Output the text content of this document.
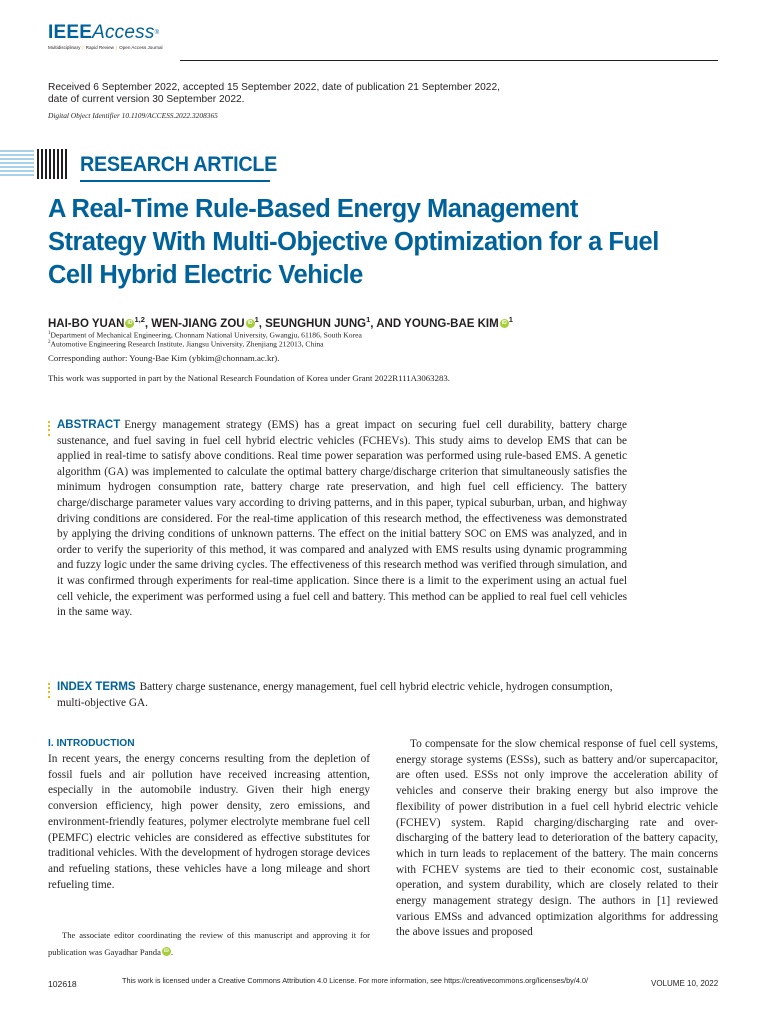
IEEEAccess®
Multidisciplinary | Rapid Review | Open Access Journal
Received 6 September 2022, accepted 15 September 2022, date of publication 21 September 2022, date of current version 30 September 2022.
Digital Object Identifier 10.1109/ACCESS.2022.3208365
RESEARCH ARTICLE
A Real-Time Rule-Based Energy Management Strategy With Multi-Objective Optimization for a Fuel Cell Hybrid Electric Vehicle
HAI-BO YUAN iD $^{1,2}$, WEN-JIANG ZOU iD $^1$, SEUNGHUN JUNG$^1$, AND YOUNG-BAE KIM iD $^1$
$^1$Department of Mechanical Engineering, Chonnam National University, Gwangju, 61186, South Korea
$^2$Automotive Engineering Research Institute, Jiangsu University, Zhenjiang 212013, China
Corresponding author: Young-Bae Kim (ybkim@chonnam.ac.kr).
This work was supported in part by the National Research Foundation of Korea under Grant 2022R111A3063283.
ABSTRACT Energy management strategy (EMS) has a great impact on securing fuel cell durability, battery charge sustenance, and fuel saving in fuel cell hybrid electric vehicles (FCHEVs). This study aims to develop EMS that can be applied in real-time to satisfy above conditions. Real time power separation was performed using rule-based EMS. A genetic algorithm (GA) was implemented to calculate the optimal battery charge/discharge criterion that simultaneously satisfies the minimum hydrogen consumption rate, battery charge rate preservation, and high fuel cell efficiency. The battery charge/discharge parameter values vary according to driving patterns, and in this paper, typical suburban, urban, and highway driving conditions are considered. For the real-time application of this research method, the effectiveness was demonstrated by applying the driving conditions of unknown patterns. The effect on the initial battery SOC on EMS was analyzed, and in order to verify the superiority of this method, it was compared and analyzed with EMS results using dynamic programming and fuzzy logic under the same driving cycles. The effectiveness of this research method was verified through simulation, and it was confirmed through experiments for real-time application. Since there is a limit to the experiment using an actual fuel cell vehicle, the experiment was performed using a fuel cell and battery. This method can be applied to real fuel cell vehicles in the same way.
INDEX TERMS Battery charge sustenance, energy management, fuel cell hybrid electric vehicle, hydrogen consumption, multi-objective GA.
I. INTRODUCTION

In recent years, the energy concerns resulting from the depletion of fossil fuels and air pollution have received increasing attention, especially in the automobile industry. Given their high energy conversion efficiency, high power density, zero emissions, and environment-friendly features, polymer electrolyte membrane fuel cell (PEMFC) electric vehicles are considered as effective substitutes for traditional vehicles. With the development of hydrogen storage devices and refueling stations, these vehicles have a long mileage and short refueling time.

To compensate for the slow chemical response of fuel cell systems, energy storage systems (ESSs), such as battery and/or supercapacitor, are often used. ESSs not only improve the acceleration ability of vehicles and conserve their braking energy but also improve the flexibility of power distribution in a fuel cell hybrid electric vehicle (FCHEV) system. Rapid charging/discharging rate and over-discharging of the battery lead to deterioration of the battery capacity, which in turn leads to replacement of the battery. The main concerns with FCHEV systems are tied to their economic cost, sustainable operation, and system durability, which are closely related to their energy management strategy design. The authors in [1] reviewed various EMSs and advanced optimization algorithms for addressing the above issues and proposed

The associate editor coordinating the review of this manuscript and approving it for publication was Gayadhar Panda iD .
102618	This work is licensed under a Creative Commons Attribution 4.0 License. For more information, see https://creativecommons.org/licenses/by/4.0/	VOLUME 10, 2022
